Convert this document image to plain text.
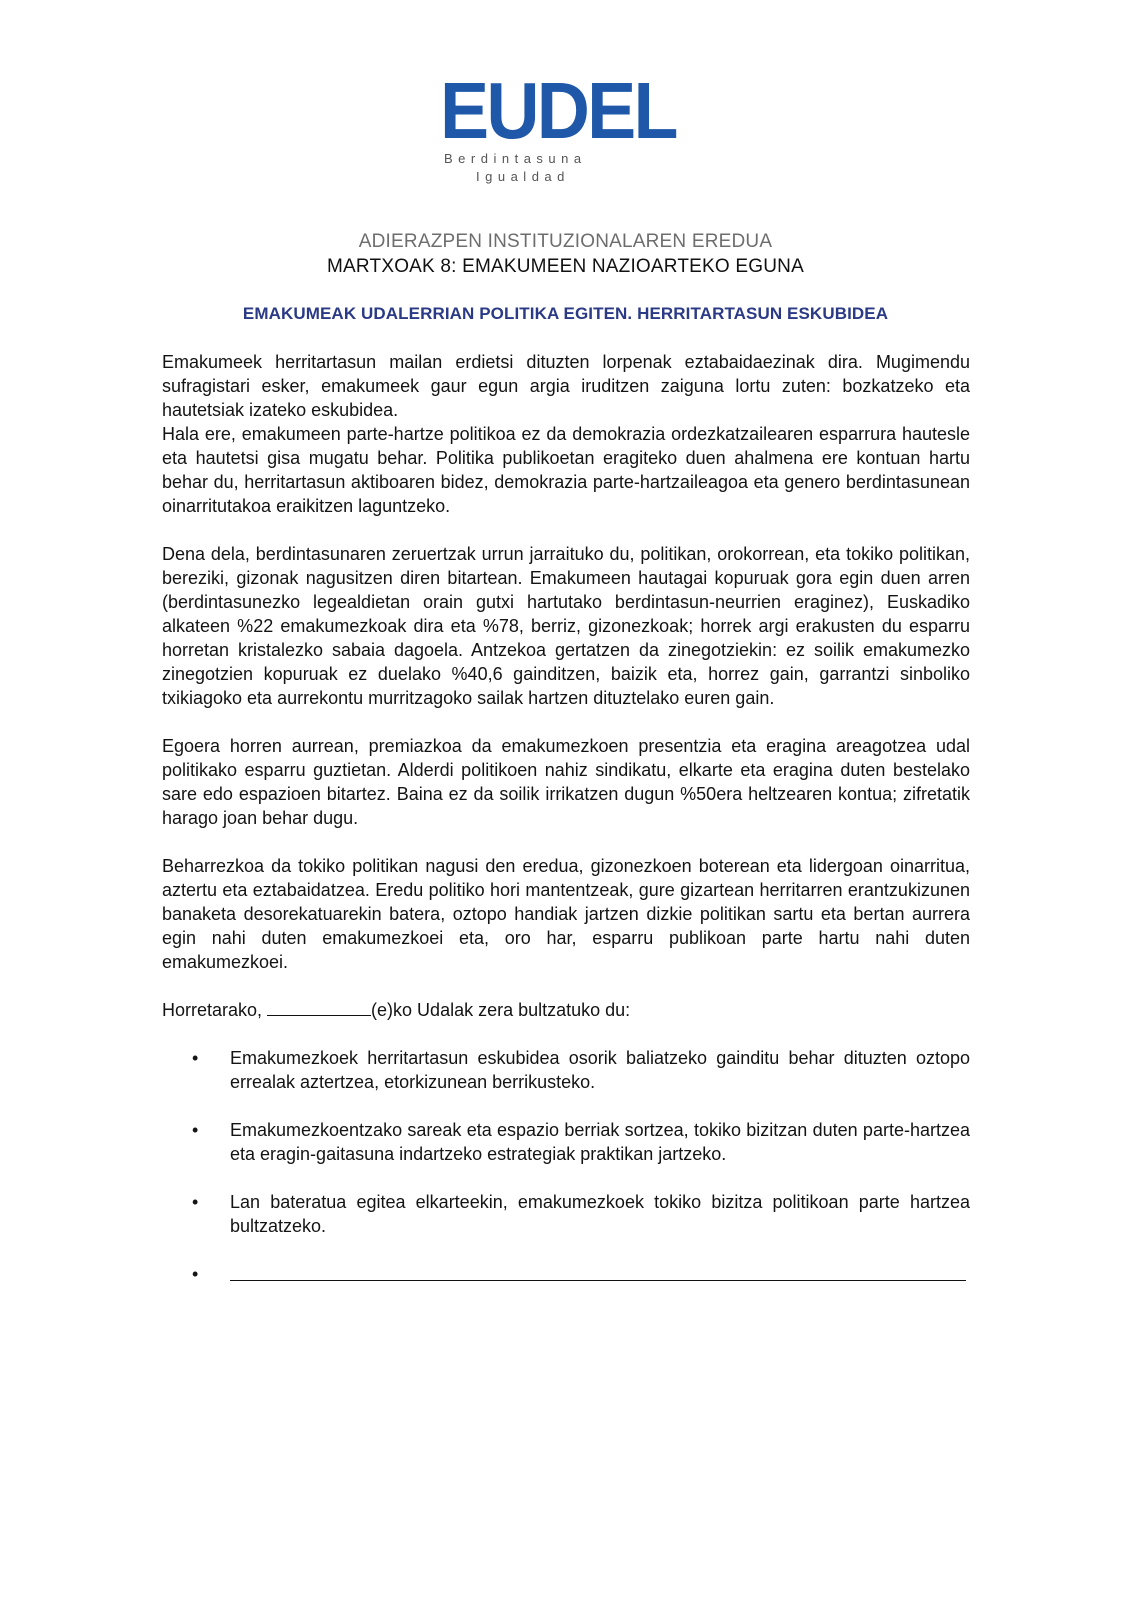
EUDEL
Berdintasuna
Igualdad
ADIERAZPEN INSTITUZIONALAREN EREDUA
MARTXOAK 8: EMAKUMEEN NAZIOARTEKO EGUNA
EMAKUMEAK UDALERRIAN POLITIKA EGITEN. HERRITARTASUN ESKUBIDEA

Emakumeek herritartasun mailan erdietsi dituzten lorpenak eztabaidaezinak dira. Mugimendu sufragistari esker, emakumeek gaur egun argia iruditzen zaiguna lortu zuten: bozkatzeko eta hautetsiak izateko eskubidea.

Hala ere, emakumeen parte-hartze politikoa ez da demokrazia ordezkatzailearen esparrura hautesle eta hautetsi gisa mugatu behar. Politika publikoetan eragiteko duen ahalmena ere kontuan hartu behar du, herritartasun aktiboaren bidez, demokrazia parte-hartzaileagoa eta genero berdintasunean oinarritutakoa eraikitzen laguntzeko.

Dena dela, berdintasunaren zeruertzak urrun jarraituko du, politikan, orokorrean, eta tokiko politikan, bereziki, gizonak nagusitzen diren bitartean. Emakumeen hautagai kopuruak gora egin duen arren (berdintasunezko legealdietan orain gutxi hartutako berdintasun-neurrien eraginez), Euskadiko alkateen %22 emakumezkoak dira eta %78, berriz, gizonezkoak; horrek argi erakusten du esparru horretan kristalezko sabaia dagoela. Antzekoa gertatzen da zinegotziekin: ez soilik emakumezko zinegotzien kopuruak ez duelako %40,6 gainditzen, baizik eta, horrez gain, garrantzi sinboliko txikiagoko eta aurrekontu murritzagoko sailak hartzen dituztelako euren gain.

Egoera horren aurrean, premiazkoa da emakumezkoen presentzia eta eragina areagotzea udal politikako esparru guztietan. Alderdi politikoen nahiz sindikatu, elkarte eta eragina duten bestelako sare edo espazioen bitartez. Baina ez da soilik irrikatzen dugun %50era heltzearen kontua; zifretatik harago joan behar dugu.

Beharrezkoa da tokiko politikan nagusi den eredua, gizonezkoen boterean eta lidergoan oinarritua, aztertu eta eztabaidatzea. Eredu politiko hori mantentzeak, gure gizartean herritarren erantzukizunen banaketa desorekatuarekin batera, oztopo handiak jartzen dizkie politikan sartu eta bertan aurrera egin nahi duten emakumezkoei eta, oro har, esparru publikoan parte hartu nahi duten emakumezkoei.

Horretarako,	(e)ko Udalak zera bultzatuko du:

• Emakumezkoek herritartasun eskubidea osorik baliatzeko gainditu behar dituzten oztopo errealak aztertzea, etorkizunean berrikusteko.
• Emakumezkoentzako sareak eta espazio berriak sortzea, tokiko bizitzan duten parte-hartzea eta eragin-gaitasuna indartzeko estrategiak praktikan jartzeko.
• Lan bateratua egitea elkarteekin, emakumezkoek tokiko bizitza politikoan parte hartzea bultzatzeko.
•
